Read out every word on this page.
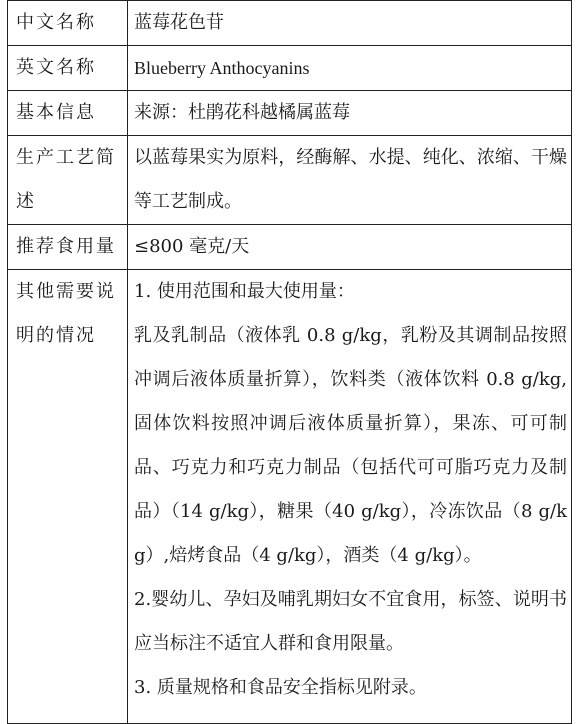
中文名称	蓝莓花色苷
英文名称	Blueberry Anthocyanins
基本信息	来源：杜鹃花科越橘属蓝莓
生产工艺简述	以蓝莓果实为原料，经酶解、水提、纯化、浓缩、干燥等工艺制成。
推荐食用量	≤800 毫克/天
其他需要说明的情况	1. 使用范围和最大使用量：
乳及乳制品（液体乳 0.8 g/kg，乳粉及其调制品按照冲调后液体质量折算），饮料类（液体饮料 0.8 g/kg,固体饮料按照冲调后液体质量折算），果冻、可可制品、巧克力和巧克力制品（包括代可可脂巧克力及制品）（14 g/kg），糖果（40 g/kg），冷冻饮品（8 g/kg）,焙烤食品（4 g/kg），酒类（4 g/kg）。
2.婴幼儿、孕妇及哺乳期妇女不宜食用，标签、说明书应当标注不适宜人群和食用限量。
3. 质量规格和食品安全指标见附录。
